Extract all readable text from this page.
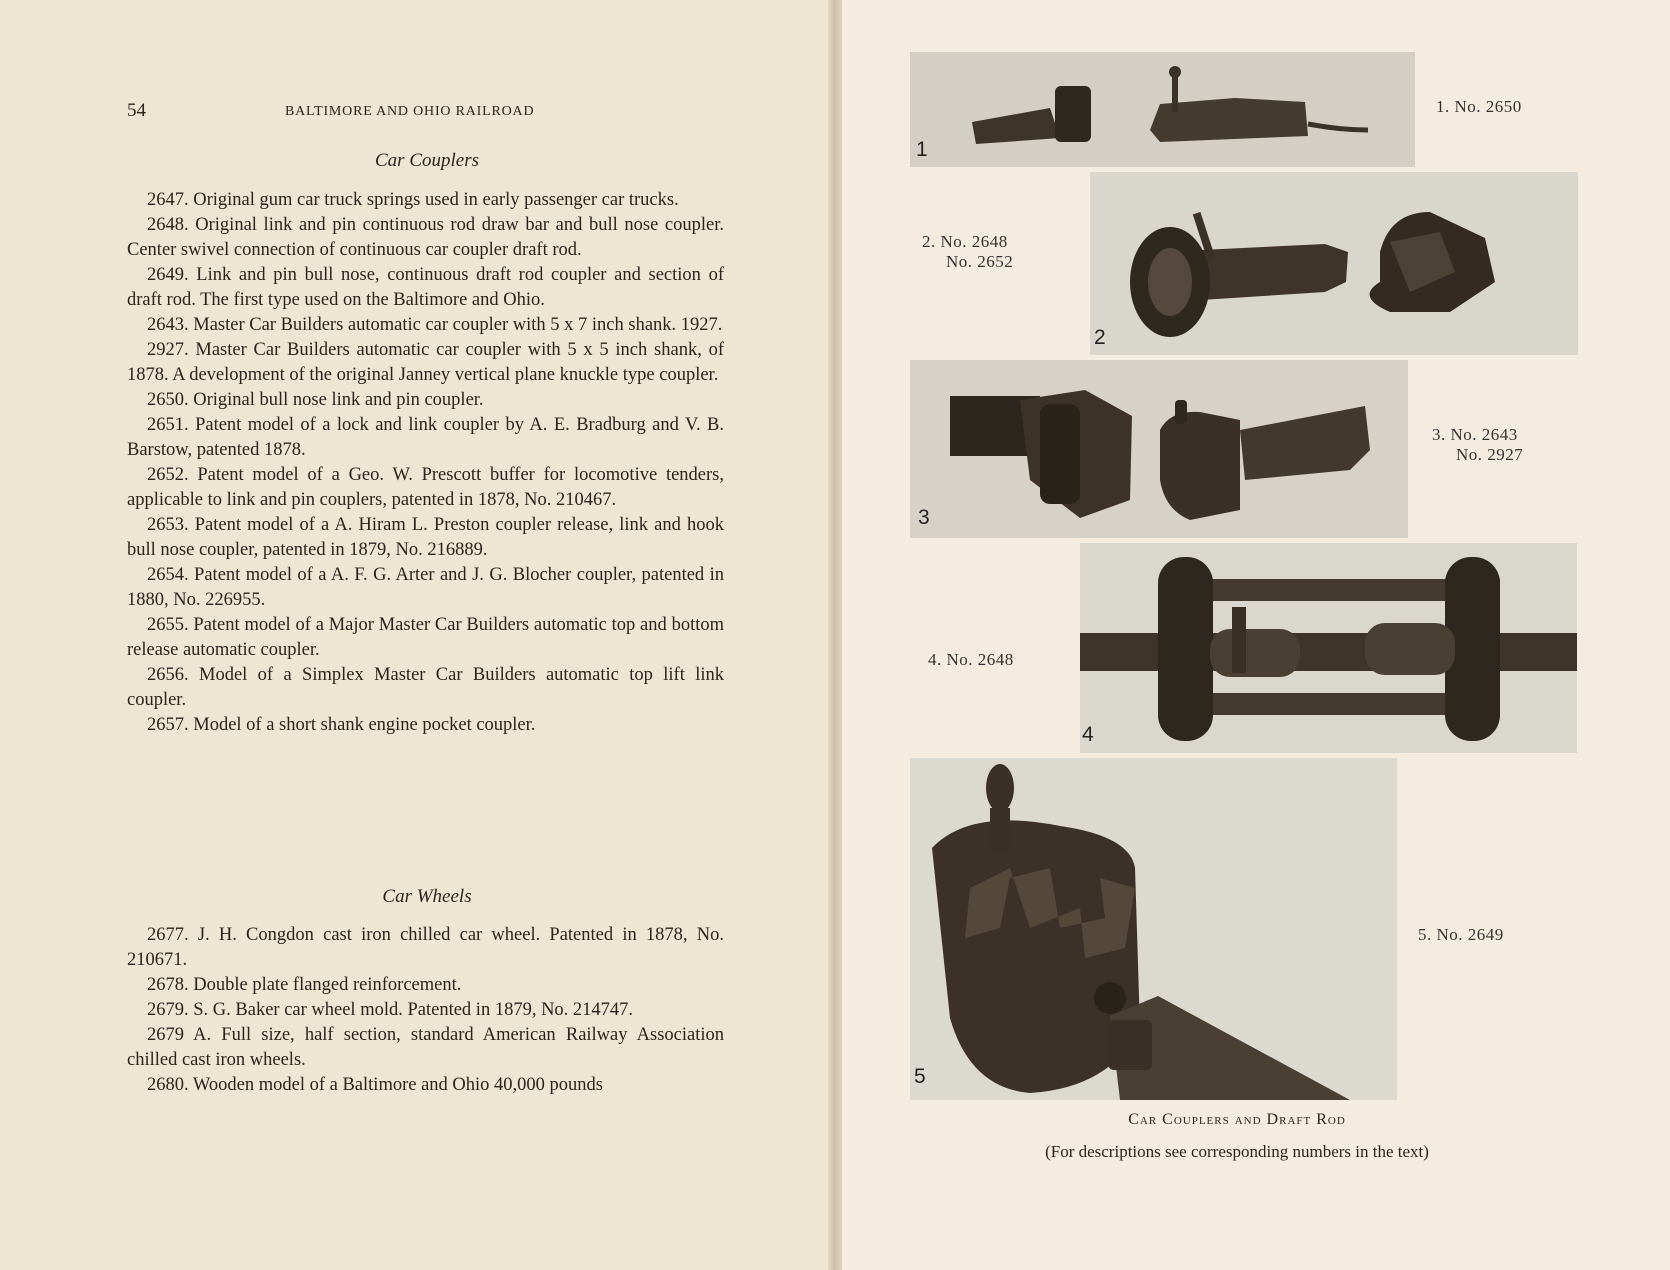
54	BALTIMORE AND OHIO RAILROAD
Car Couplers

2647. Original gum car truck springs used in early passenger car trucks.

2648. Original link and pin continuous rod draw bar and bull nose coupler. Center swivel connection of continuous car coupler draft rod.

2649. Link and pin bull nose, continuous draft rod coupler and section of draft rod. The first type used on the Baltimore and Ohio.

2643. Master Car Builders automatic car coupler with 5 x 7 inch shank. 1927.

2927. Master Car Builders automatic car coupler with 5 x 5 inch shank, of 1878. A development of the original Janney vertical plane knuckle type coupler.

2650. Original bull nose link and pin coupler.

2651. Patent model of a lock and link coupler by A. E. Bradburg and V. B. Barstow, patented 1878.

2652. Patent model of a Geo. W. Prescott buffer for locomotive tenders, applicable to link and pin couplers, patented in 1878, No. 210467.

2653. Patent model of a A. Hiram L. Preston coupler release, link and hook bull nose coupler, patented in 1879, No. 216889.

2654. Patent model of a A. F. G. Arter and J. G. Blocher coupler, patented in 1880, No. 226955.

2655. Patent model of a Major Master Car Builders automatic top and bottom release automatic coupler.

2656. Model of a Simplex Master Car Builders automatic top lift link coupler.

2657. Model of a short shank engine pocket coupler.

Car Wheels

2677. J. H. Congdon cast iron chilled car wheel. Patented in 1878, No. 210671.

2678. Double plate flanged reinforcement.

2679. S. G. Baker car wheel mold. Patented in 1879, No. 214747.

2679 A. Full size, half section, standard American Railway Association chilled cast iron wheels.

2680. Wooden model of a Baltimore and Ohio 40,000 pounds

1
1. No. 2650
2
2. No. 2648
No. 2652
3
3. No. 2643
No. 2927
4
4. No. 2648
5
5. No. 2649
Car Couplers and Draft Rod
(For descriptions see corresponding numbers in the text)
